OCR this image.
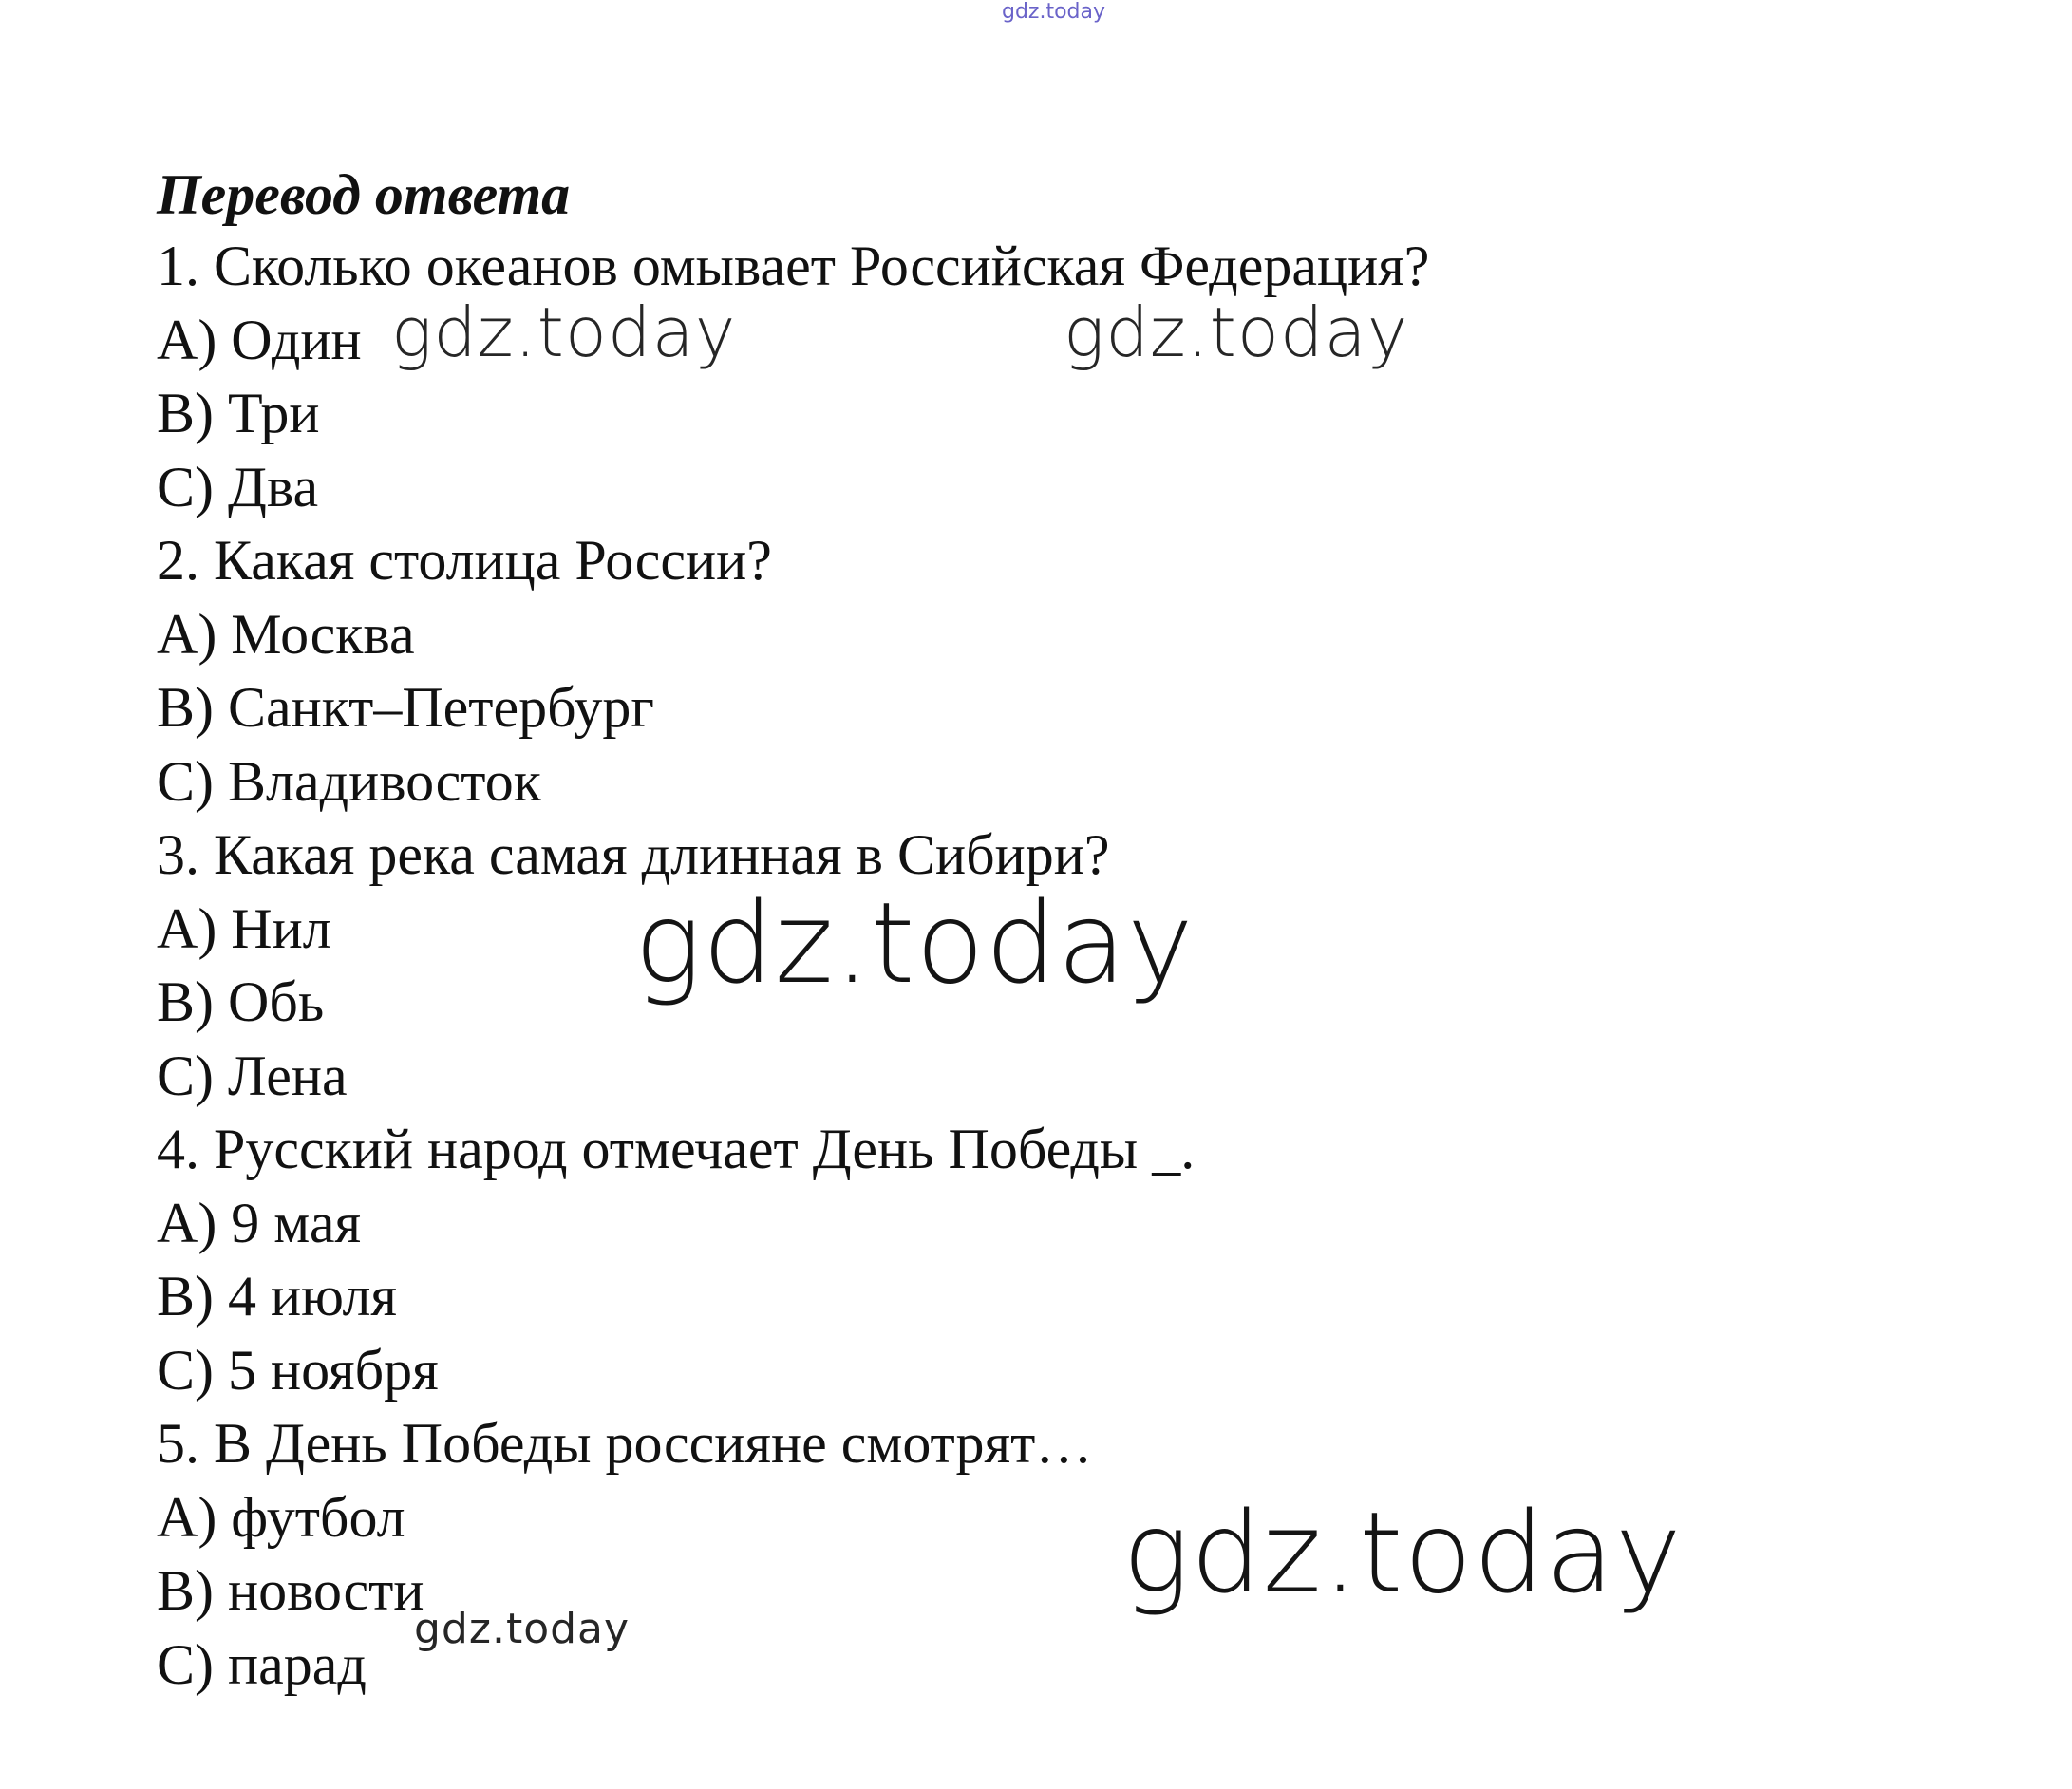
gdz.today
Перевод ответа
1. Сколько океанов омывает Российская Федерация?
A) Один
B) Три
C) Два
2. Какая столица России?
A) Москва
B) Санкт–Петербург
C) Владивосток
3. Какая река самая длинная в Сибири?
A) Нил
B) Обь
C) Лена
4. Русский народ отмечает День Победы _.
A) 9 мая
B) 4 июля
C) 5 ноября
5. В День Победы россияне смотрят…
A) футбол
B) новости
C) парад
gdz.today	gdz.today
gdz.today
gdz.today
gdz.today
